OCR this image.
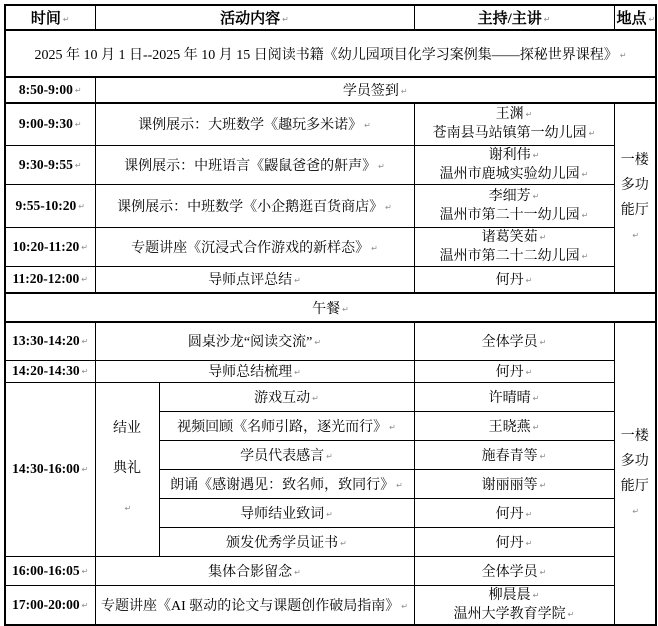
时间 ↵	活动内容 ↵		主持/主讲 ↵	地点 ↵
2025 年 10 月 1 日--2025 年 10 月 15 日阅读书籍《幼儿园项目化学习案例集——探秘世界课程》 ↵
8:50-9:00 ↵	学员签到 ↵
9:00-9:30 ↵	课例展示：大班数学《趣玩多米诺》 ↵		王渊 ↵
苍南县马站镇第一幼儿园 ↵	一楼多功能厅 ↵

9:30-9:55 ↵	课例展示：中班语言《鼹鼠爸爸的鼾声》 ↵		谢利伟 ↵
温州市鹿城实验幼儿园 ↵

9:55-10:20 ↵	课例展示：中班数学《小企鹅逛百货商店》 ↵		李细芳 ↵
温州市第二十一幼儿园 ↵

10:20-11:20 ↵	专题讲座《沉浸式合作游戏的新样态》 ↵		诸葛笑茹 ↵
温州市第二十二幼儿园 ↵

11:20-12:00 ↵	导师点评总结 ↵		何丹 ↵
午餐 ↵
13:30-14:20 ↵	圆桌沙龙“阅读交流” ↵		全体学员 ↵	一楼多功能厅 ↵

14:20-14:30 ↵	导师总结梳理 ↵		何丹 ↵
14:30-16:00 ↵	结业典礼 ↵	游戏互动 ↵	许晴晴 ↵
		视频回顾《名师引路，逐光而行》 ↵	王晓燕 ↵
		学员代表感言 ↵	施春青等 ↵
		朗诵《感谢遇见：致名师，致同行》 ↵	谢丽丽等 ↵
		导师结业致词 ↵	何丹 ↵
		颁发优秀学员证书 ↵	何丹 ↵
16:00-16:05 ↵	集体合影留念 ↵		全体学员 ↵
17:00-20:00 ↵	专题讲座《AI 驱动的论文与课题创作破局指南》 ↵		柳晨晨 ↵
温州大学教育学院 ↵
